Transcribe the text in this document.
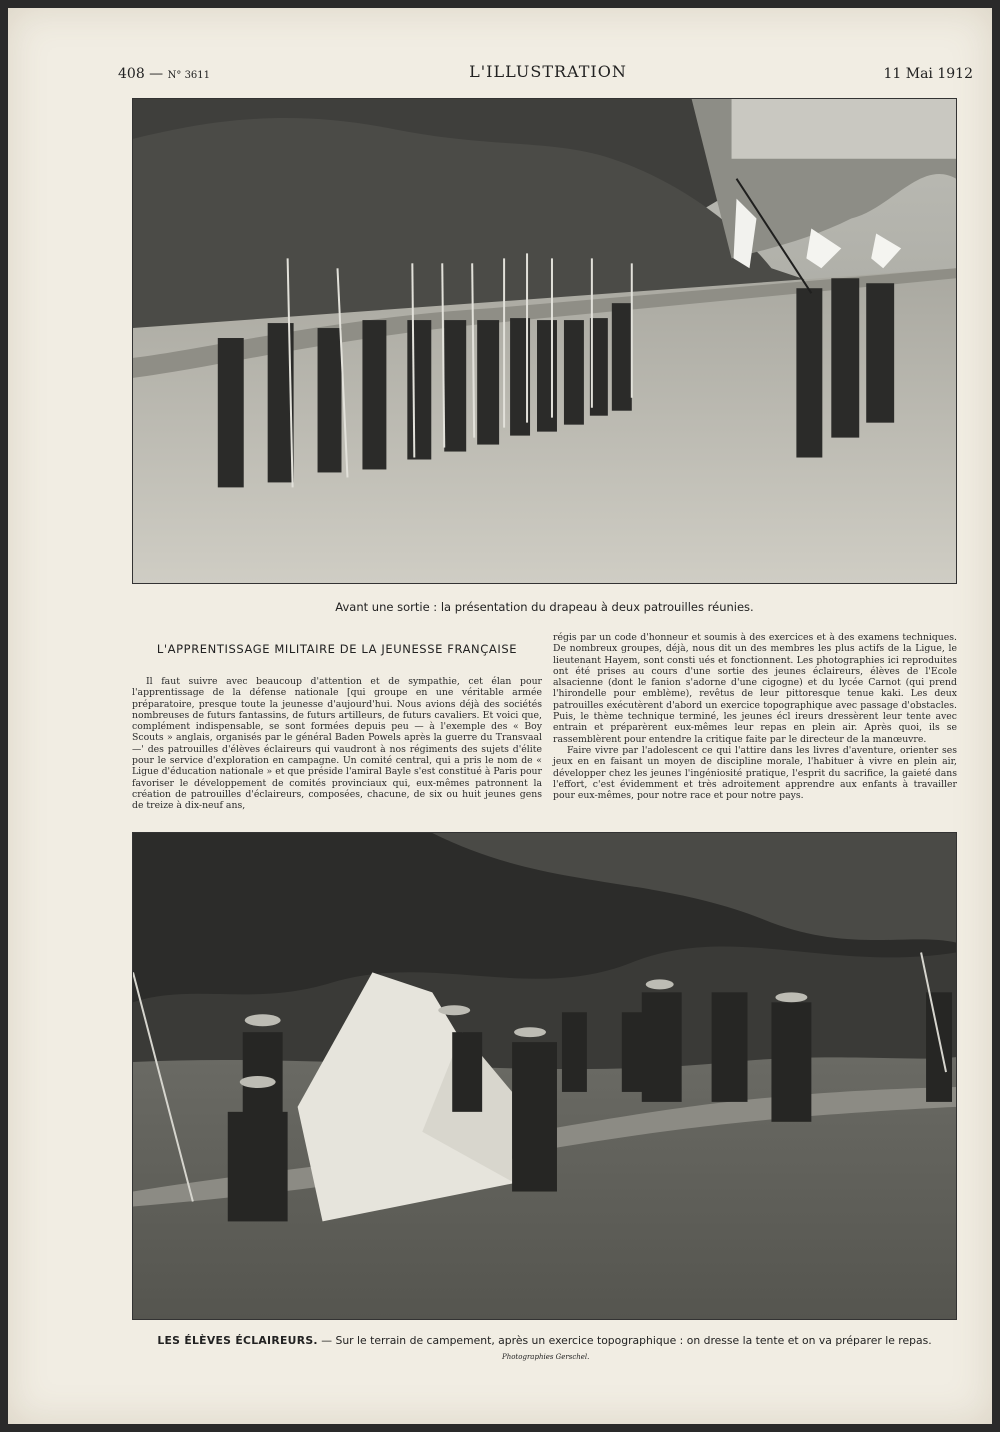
408 — N° 3611	L'ILLUSTRATION	11 Mai 1912
Avant une sortie : la présentation du drapeau à deux patrouilles réunies.
L'APPRENTISSAGE MILITAIRE DE LA JEUNESSE FRANÇAISE

Il faut suivre avec beaucoup d'attention et de sympathie, cet élan pour l'apprentissage de la défense nationale [qui groupe en une véritable armée préparatoire, presque toute la jeunesse d'aujourd'hui. Nous avions déjà des sociétés nombreuses de futurs fantassins, de futurs artilleurs, de futurs cavaliers. Et voici que, complément indispensable, se sont formées depuis peu — à l'exemple des « Boy Scouts » anglais, organisés par le général Baden Powels après la guerre du Transvaal —' des patrouilles d'élèves éclaireurs qui vaudront à nos régiments des sujets d'élite pour le service d'exploration en campagne. Un comité central, qui a pris le nom de « Ligue d'éducation nationale » et que préside l'amiral Bayle s'est constitué à Paris pour favoriser le développement de comités provinciaux qui, eux-mêmes patronnent la création de patrouilles d'éclaireurs, composées, chacune, de six ou huit jeunes gens de treize à dix-neuf ans,

régis par un code d'honneur et soumis à des exercices et à des examens techniques. De nombreux groupes, déjà, nous dit un des membres les plus actifs de la Ligue, le lieutenant Hayem, sont consti ués et fonctionnent. Les photographies ici reproduites ont été prises au cours d'une sortie des jeunes éclaireurs, élèves de l'Ecole alsacienne (dont le fanion s'adorne d'une cigogne) et du lycée Carnot (qui prend l'hirondelle pour emblème), revêtus de leur pittoresque tenue kaki. Les deux patrouilles exécutèrent d'abord un exercice topographique avec passage d'obstacles. Puis, le thème technique terminé, les jeunes écl ireurs dressèrent leur tente avec entrain et préparèrent eux-mêmes leur repas en plein air. Après quoi, ils se rassemblèrent pour entendre la critique faite par le directeur de la manœuvre.

Faire vivre par l'adolescent ce qui l'attire dans les livres d'aventure, orienter ses jeux en en faisant un moyen de discipline morale, l'habituer à vivre en plein air, développer chez les jeunes l'ingéniosité pratique, l'esprit du sacrifice, la gaieté dans l'effort, c'est évidemment et très adroitement apprendre aux enfants à travailler pour eux-mêmes, pour notre race et pour notre pays.

LES ÉLÈVES ÉCLAIREURS. — Sur le terrain de campement, après un exercice topographique : on dresse la tente et on va préparer le repas.
Photographies Gerschel.
